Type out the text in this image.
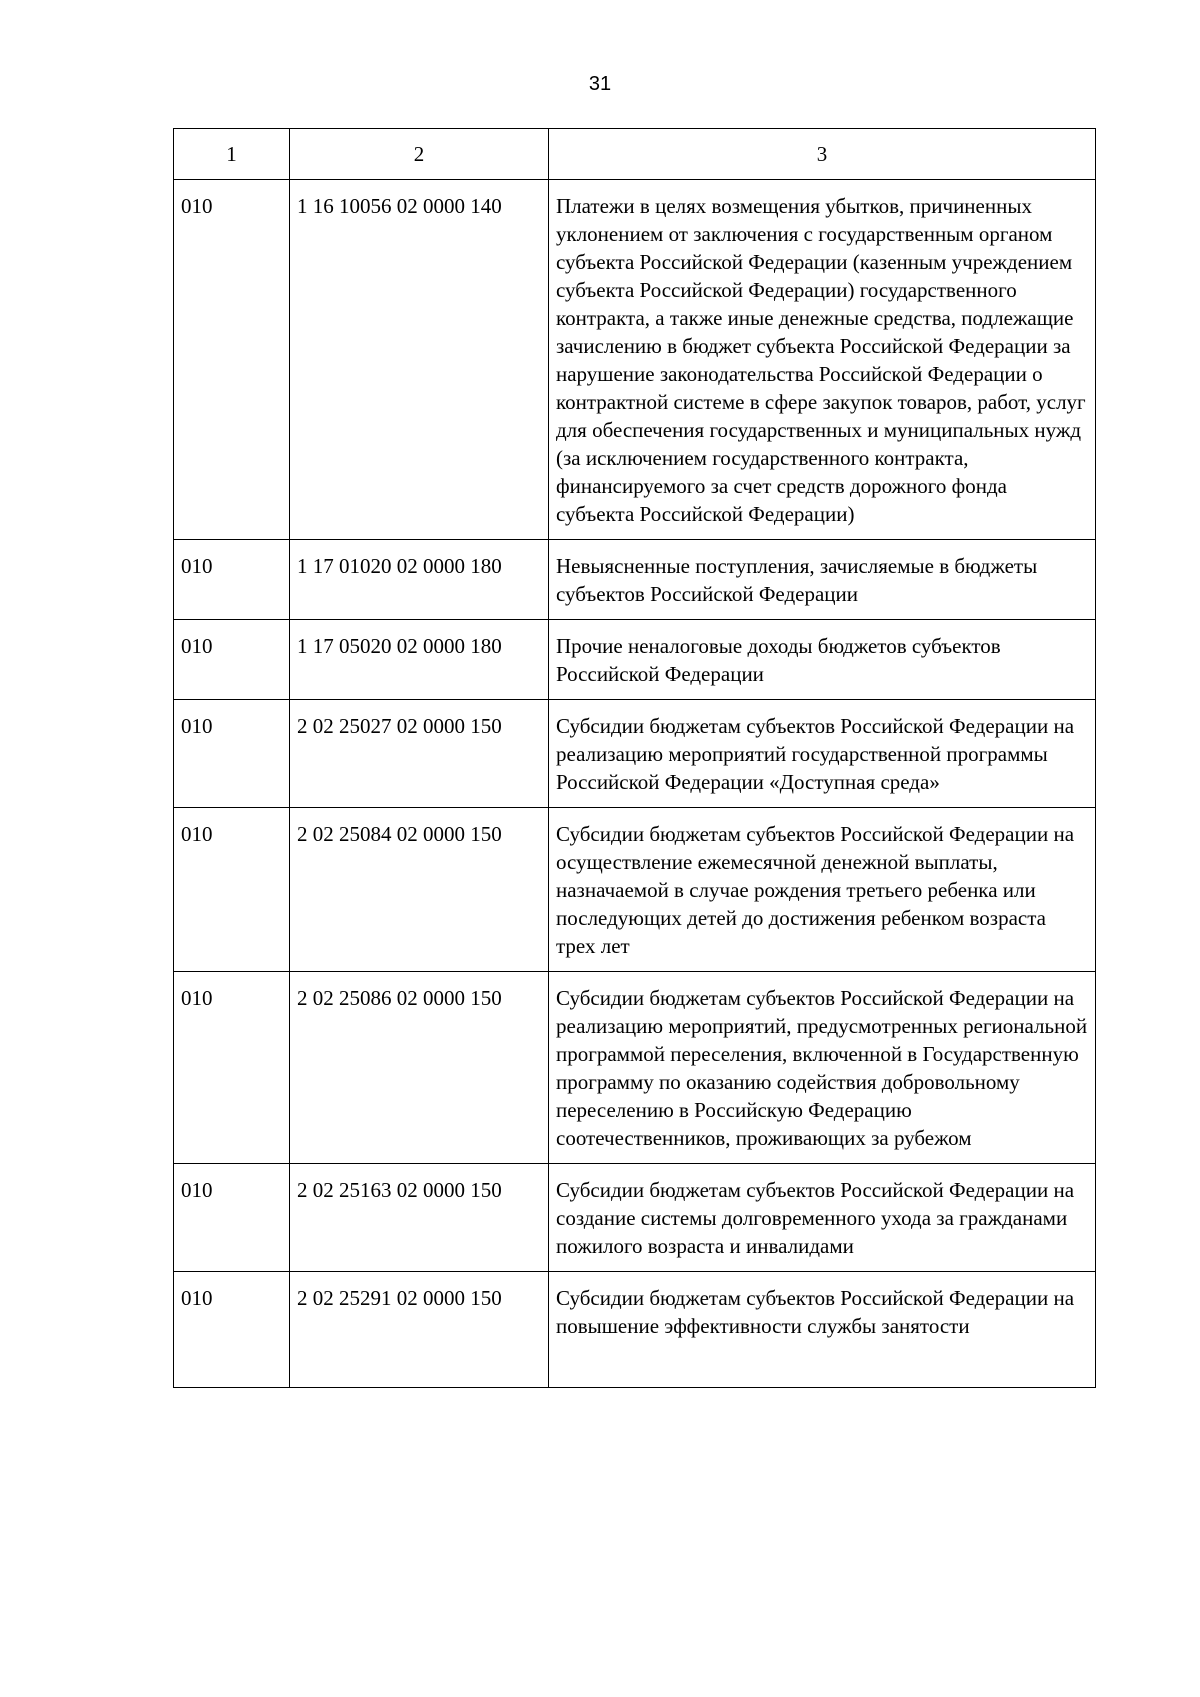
31
1	2	3
010	1 16 10056 02 0000 140	Платежи в целях возмещения убытков, причиненных уклонением от заключения с государственным органом субъекта Российской Федерации (казенным учреждением субъекта Российской Федерации) государственного контракта, а также иные денежные средства, подлежащие зачислению в бюджет субъекта Российской Федерации за нарушение законодательства Российской Федерации о контрактной системе в сфере закупок товаров, работ, услуг для обеспечения государственных и муниципальных нужд (за исключением государственного контракта, финансируемого за счет средств дорожного фонда субъекта Российской Федерации)
010	1 17 01020 02 0000 180	Невыясненные поступления, зачисляемые в бюджеты субъектов Российской Федерации
010	1 17 05020 02 0000 180	Прочие неналоговые доходы бюджетов субъектов Российской Федерации
010	2 02 25027 02 0000 150	Субсидии бюджетам субъектов Российской Федерации на реализацию мероприятий государственной программы Российской Федерации «Доступная среда»
010	2 02 25084 02 0000 150	Субсидии бюджетам субъектов Российской Федерации на осуществление ежемесячной денежной выплаты, назначаемой в случае рождения третьего ребенка или последующих детей до достижения ребенком возраста трех лет
010	2 02 25086 02 0000 150	Субсидии бюджетам субъектов Российской Федерации на реализацию мероприятий, предусмотренных региональной программой переселения, включенной в Государственную программу по оказанию содействия добровольному переселению в Российскую Федерацию соотечественников, проживающих за рубежом
010	2 02 25163 02 0000 150	Субсидии бюджетам субъектов Российской Федерации на создание системы долговременного ухода за гражданами пожилого возраста и инвалидами
010	2 02 25291 02 0000 150	Субсидии бюджетам субъектов Российской Федерации на повышение эффективности службы занятости
